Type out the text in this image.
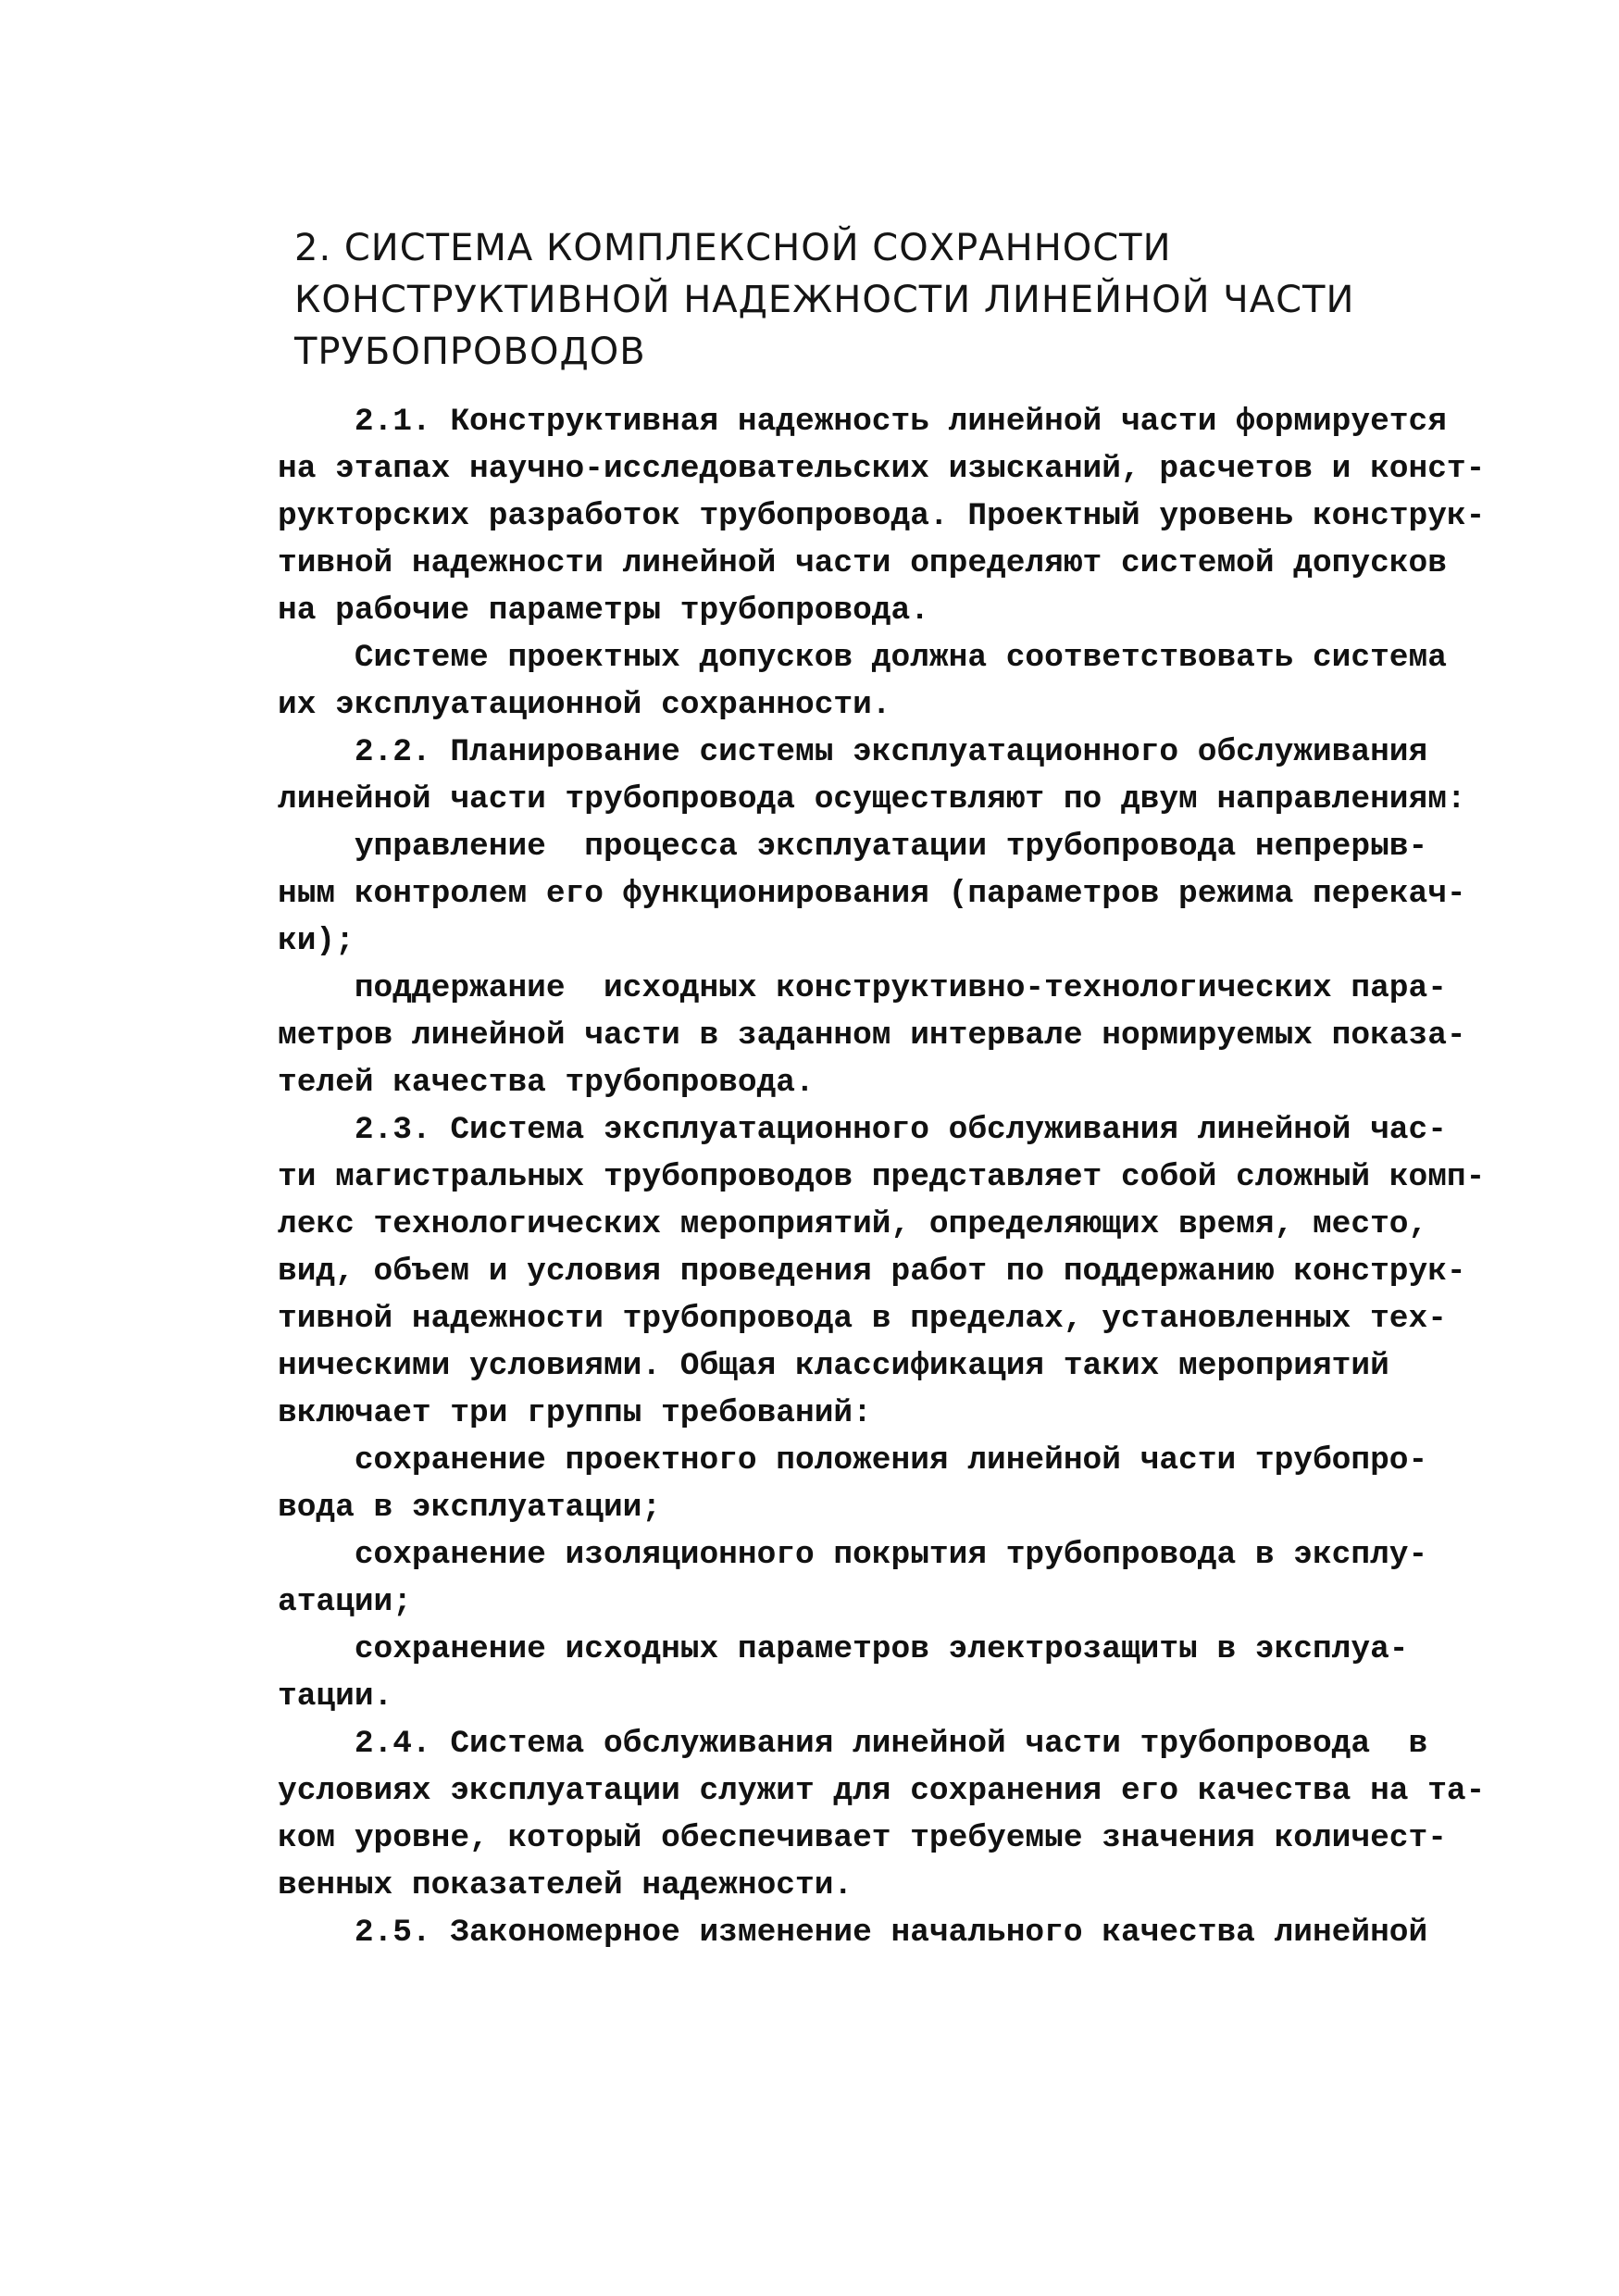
2. СИСТЕМА КОМПЛЕКСНОЙ СОХРАННОСТИ
КОНСТРУКТИВНОЙ НАДЕЖНОСТИ ЛИНЕЙНОЙ ЧАСТИ
ТРУБОПРОВОДОВ
2.1. Конструктивная надежность линейной части формируется
на этапах научно-исследовательских изысканий, расчетов и конст-
рукторских разработок трубопровода. Проектный уровень конструк-
тивной надежности линейной части определяют системой допусков
на рабочие параметры трубопровода.
Системе проектных допусков должна соответствовать система
их эксплуатационной сохранности.
2.2. Планирование системы эксплуатационного обслуживания
линейной части трубопровода осуществляют по двум направлениям:
управление  процесса эксплуатации трубопровода непрерыв-
ным контролем его функционирования (параметров режима перекач-
ки);
поддержание  исходных конструктивно-технологических пара-
метров линейной части в заданном интервале нормируемых показа-
телей качества трубопровода.
2.3. Система эксплуатационного обслуживания линейной час-
ти магистральных трубопроводов представляет собой сложный комп-
лекс технологических мероприятий, определяющих время, место,
вид, объем и условия проведения работ по поддержанию конструк-
тивной надежности трубопровода в пределах, установленных тех-
ническими условиями. Общая классификация таких мероприятий
включает три группы требований:
сохранение проектного положения линейной части трубопро-
вода в эксплуатации;
сохранение изоляционного покрытия трубопровода в эксплу-
атации;
сохранение исходных параметров электрозащиты в эксплуа-
тации.
2.4. Система обслуживания линейной части трубопровода  в
условиях эксплуатации служит для сохранения его качества на та-
ком уровне, который обеспечивает требуемые значения количест-
венных показателей надежности.
2.5. Закономерное изменение начального качества линейной
